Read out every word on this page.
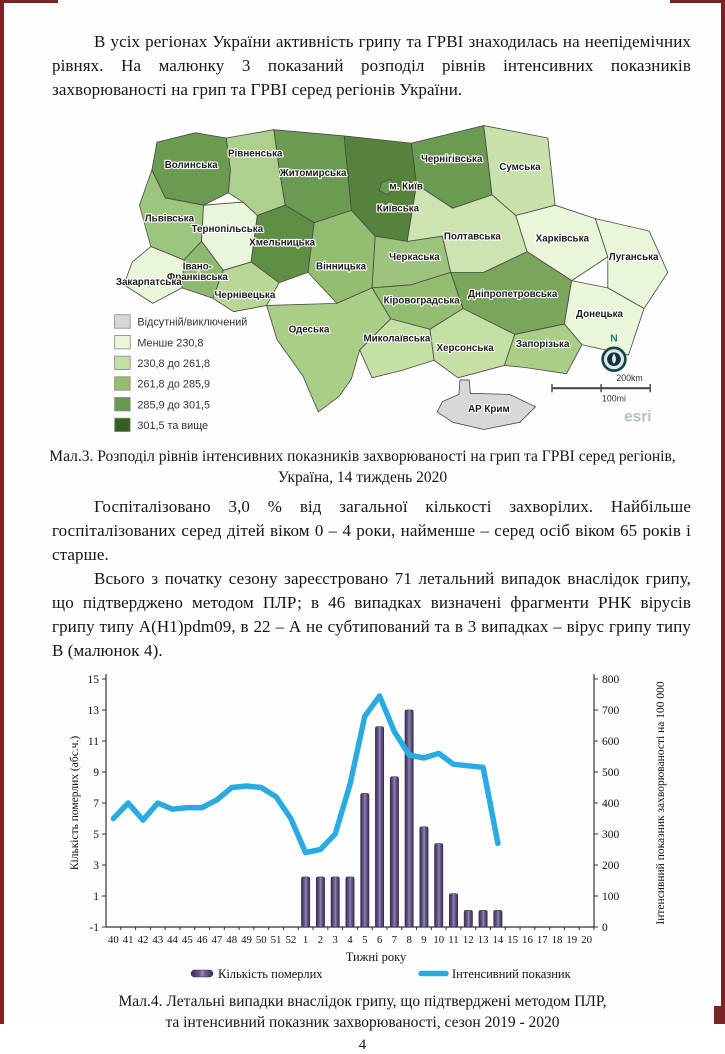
В усіх регіонах України активність грипу та ГРВІ знаходилась на неепідемічних рівнях. На малюнку 3 показаний розподіл рівнів інтенсивних показників захворюваності на грип та ГРВІ серед регіонів України.

Волинська
Рівненська
Житомирська
Київська
м. Київ
Чернігівська
Сумська
Львівська
Тернопільська
Хмельницька
Вінницька
Черкаська
Полтавська	Харківська
Луганська
Івано-
Франківська
Закарпатська
Чернівецька	Кіровоградська
Дніпропетровська
Донецька
Одеська
Миколаївська
Херсонська Запорізька
АР Крим
Відсутній/виключений
Менше 230,8
230,8 до 261,8
261,8 до 285,9
285,9 до 301,5
301,5 та вище
N
200km
100mi
esri

Мал.3. Розподіл рівнів інтенсивних показників захворюваності на грип та ГРВІ серед регіонів,
Україна, 14 тиждень 2020

Госпіталізовано 3,0 % від загальної кількості захворілих. Найбільше госпіталізованих серед дітей віком 0 – 4 роки, найменше – серед осіб віком 65 років і старше.

Всього з початку сезону зареєстровано 71 летальний випадок внаслідок грипу, що підтверджено методом ПЛР; в 46 випадках визначені фрагменти РНК вірусів грипу типу A(H1)pdm09, в 22 – А не субтипований та в 3 випадках – вірус грипу типу В (малюнок 4).

-1
1
3
5
7
9
11
13
15
0
100
200
300
400
500
600
700
800
40 41 42 43 44 45 46 47 48 49 50 51 52 1 2 3 4 5 6 7 8 9 10 11 12 13 14 15 16 17 18 19 20
Кількість померлих (абс.ч.)	Інтенсивний показник захворюваності на 100 000
Тижні року
Кількість померлих	Інтенсивний показник

Мал.4. Летальні випадки внаслідок грипу, що підтверджені методом ПЛР,
та інтенсивний показник захворюваності, сезон 2019 - 2020

4
